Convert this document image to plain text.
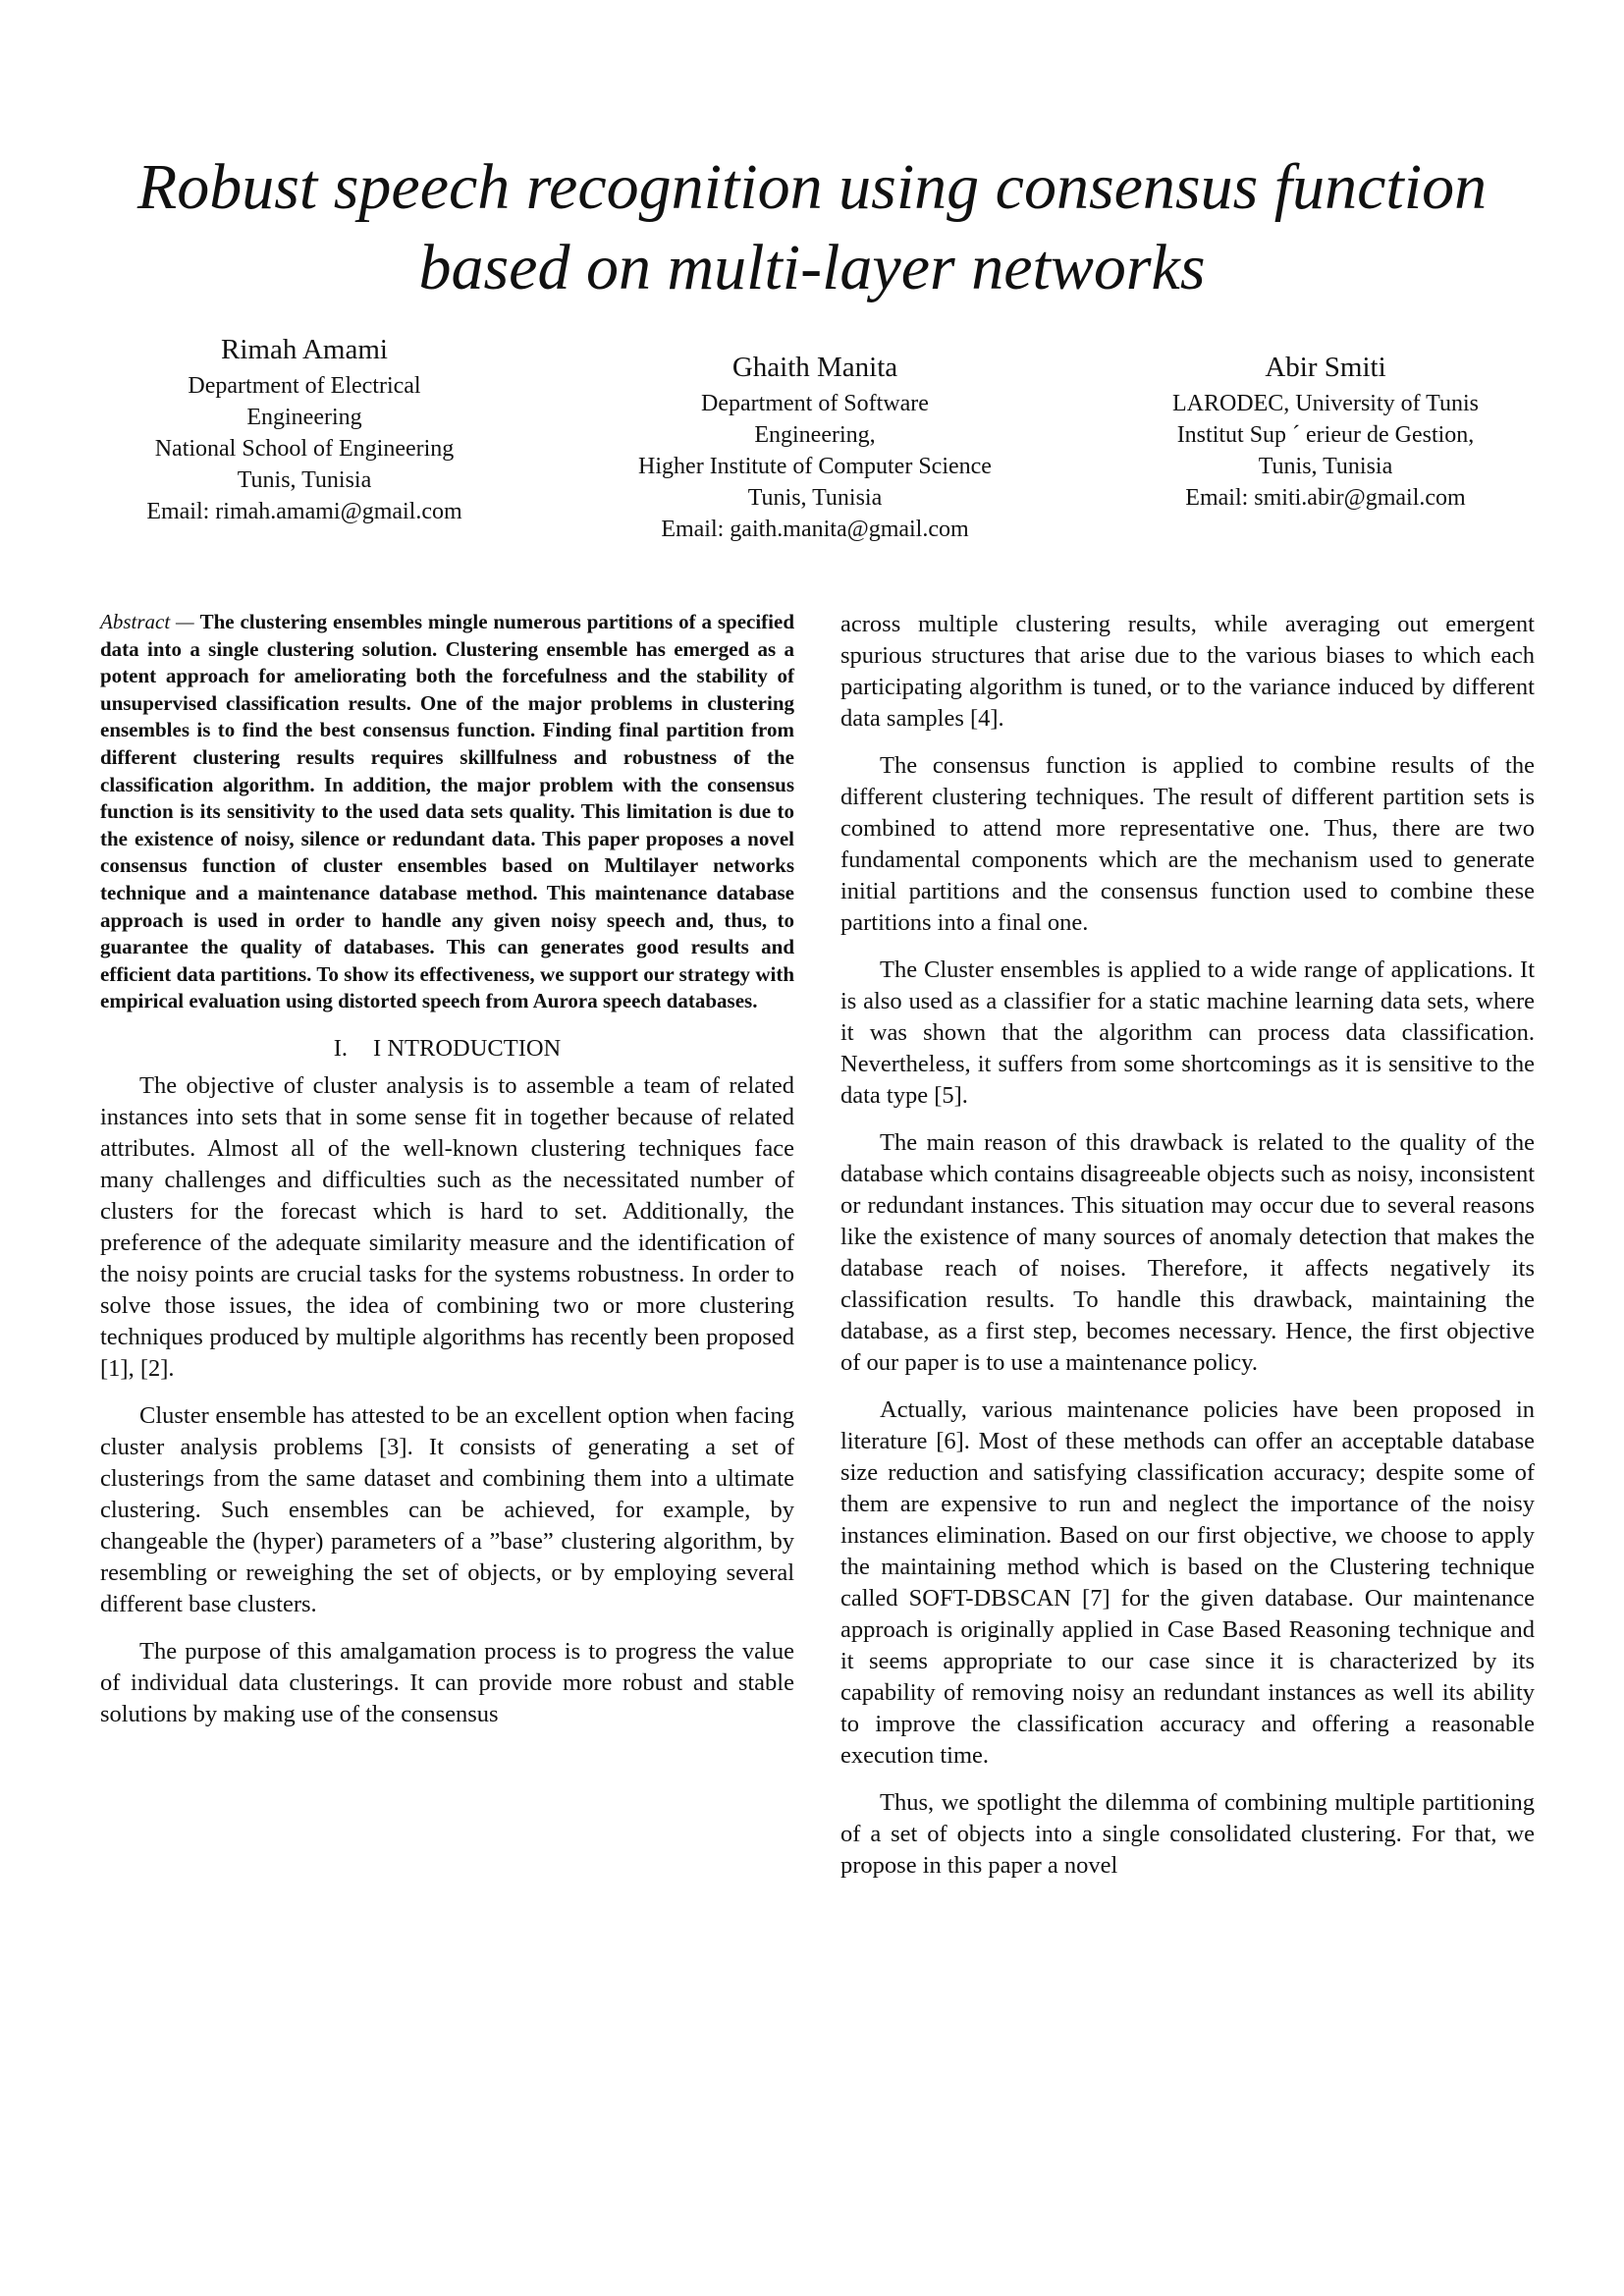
Robust speech recognition using consensus function
based on multi-layer networks
Rimah Amami
Department of Electrical
Engineering
National School of Engineering
Tunis, Tunisia
Email: rimah.amami@gmail.com
Ghaith Manita
Department of Software
Engineering,
Higher Institute of Computer Science
Tunis, Tunisia
Email: gaith.manita@gmail.com
Abir Smiti
LARODEC, University of Tunis
Institut Sup ´ erieur de Gestion,
Tunis, Tunisia
Email: smiti.abir@gmail.com

Abstract — The clustering ensembles mingle numerous partitions of a specified data into a single clustering solution. Clustering ensemble has emerged as a potent approach for ameliorating both the forcefulness and the stability of unsupervised classification results. One of the major problems in clustering ensembles is to find the best consensus function. Finding final partition from different clustering results requires skillfulness and robustness of the classification algorithm. In addition, the major problem with the consensus function is its sensitivity to the used data sets quality. This limitation is due to the existence of noisy, silence or redundant data. This paper proposes a novel consensus function of cluster ensembles based on Multilayer networks technique and a maintenance database method. This maintenance database approach is used in order to handle any given noisy speech and, thus, to guarantee the quality of databases. This can generates good results and efficient data partitions. To show its effectiveness, we support our strategy with empirical evaluation using distorted speech from Aurora speech databases.

I. I NTRODUCTION

The objective of cluster analysis is to assemble a team of related instances into sets that in some sense fit in together because of related attributes. Almost all of the well-known clustering techniques face many challenges and difficulties such as the necessitated number of clusters for the forecast which is hard to set. Additionally, the preference of the adequate similarity measure and the identification of the noisy points are crucial tasks for the systems robustness. In order to solve those issues, the idea of combining two or more clustering techniques produced by multiple algorithms has recently been proposed [1], [2].

Cluster ensemble has attested to be an excellent option when facing cluster analysis problems [3]. It consists of generating a set of clusterings from the same dataset and combining them into a ultimate clustering. Such ensembles can be achieved, for example, by changeable the (hyper) parameters of a ”base” clustering algorithm, by resembling or reweighing the set of objects, or by employing several different base clusters.

The purpose of this amalgamation process is to progress the value of individual data clusterings. It can provide more robust and stable solutions by making use of the consensus

across multiple clustering results, while averaging out emergent spurious structures that arise due to the various biases to which each participating algorithm is tuned, or to the variance induced by different data samples [4].

The consensus function is applied to combine results of the different clustering techniques. The result of different partition sets is combined to attend more representative one. Thus, there are two fundamental components which are the mechanism used to generate initial partitions and the consensus function used to combine these partitions into a final one.

The Cluster ensembles is applied to a wide range of applications. It is also used as a classifier for a static machine learning data sets, where it was shown that the algorithm can process data classification. Nevertheless, it suffers from some shortcomings as it is sensitive to the data type [5].

The main reason of this drawback is related to the quality of the database which contains disagreeable objects such as noisy, inconsistent or redundant instances. This situation may occur due to several reasons like the existence of many sources of anomaly detection that makes the database reach of noises. Therefore, it affects negatively its classification results. To handle this drawback, maintaining the database, as a first step, becomes necessary. Hence, the first objective of our paper is to use a maintenance policy.

Actually, various maintenance policies have been proposed in literature [6]. Most of these methods can offer an acceptable database size reduction and satisfying classification accuracy; despite some of them are expensive to run and neglect the importance of the noisy instances elimination. Based on our first objective, we choose to apply the maintaining method which is based on the Clustering technique called SOFT-DBSCAN [7] for the given database. Our maintenance approach is originally applied in Case Based Reasoning technique and it seems appropriate to our case since it is characterized by its capability of removing noisy an redundant instances as well its ability to improve the classification accuracy and offering a reasonable execution time.

Thus, we spotlight the dilemma of combining multiple partitioning of a set of objects into a single consolidated clustering. For that, we propose in this paper a novel
